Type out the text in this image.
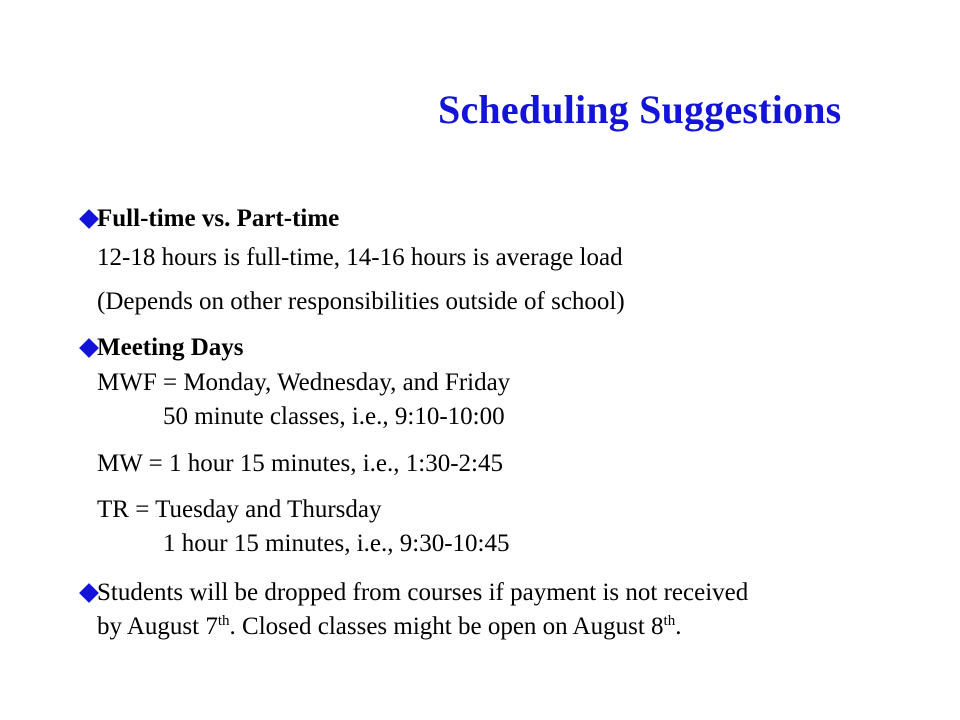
Scheduling Suggestions
Full-time vs. Part-time
12-18 hours is full-time, 14-16 hours is average load
(Depends on other responsibilities outside of school)
Meeting Days
MWF = Monday, Wednesday, and Friday
50 minute classes, i.e., 9:10-10:00
MW = 1 hour 15 minutes, i.e., 1:30-2:45
TR = Tuesday and Thursday
1 hour 15 minutes, i.e., 9:30-10:45
Students will be dropped from courses if payment is not received
by August 7th. Closed classes might be open on August 8th.
